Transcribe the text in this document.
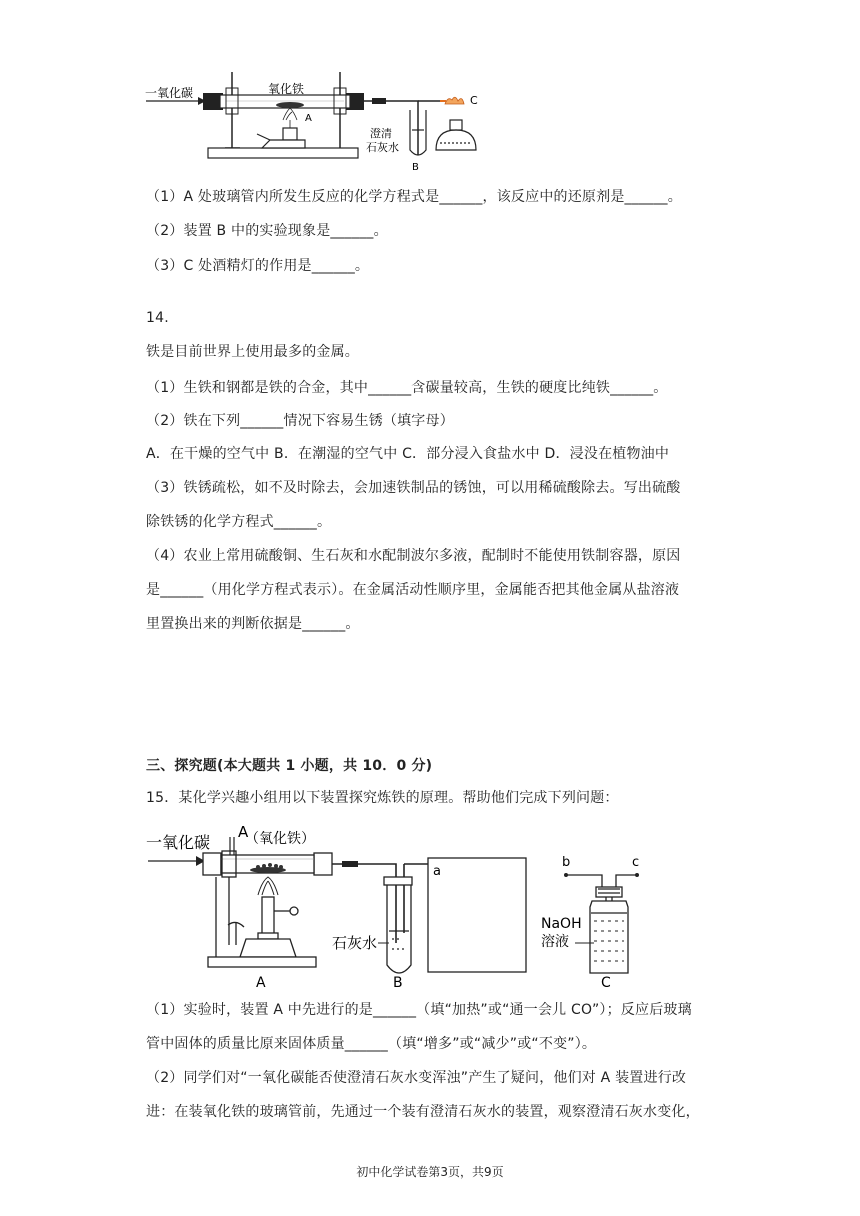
一氧化碳	氧化铁
A
澄清
石灰水
B
C
（1）A 处玻璃管内所发生反应的化学方程式是______，该反应中的还原剂是______。
（2）装置 B 中的实验现象是______。
（3）C 处酒精灯的作用是______。
14.
铁是目前世界上使用最多的金属。
（1）生铁和钢都是铁的合金，其中______含碳量较高，生铁的硬度比纯铁______。
（2）铁在下列______情况下容易生锈（填字母）
A．在干燥的空气中 B．在潮湿的空气中 C．部分浸入食盐水中 D．浸没在植物油中
（3）铁锈疏松，如不及时除去，会加速铁制品的锈蚀，可以用稀硫酸除去。写出硫酸
除铁锈的化学方程式______。
（4）农业上常用硫酸铜、生石灰和水配制波尔多液，配制时不能使用铁制容器，原因
是______（用化学方程式表示）。在金属活动性顺序里，金属能否把其他金属从盐溶液
里置换出来的判断依据是______。
三、探究题(本大题共 1 小题，共 10．0 分)
15．某化学兴趣小组用以下装置探究炼铁的原理。帮助他们完成下列问题：
一氧化碳
A
（氧化铁）
A
石灰水
B
a
b	c
NaOH
溶液
C
（1）实验时，装置 A 中先进行的是______（填“加热”或“通一会儿 CO”）；反应后玻璃
管中固体的质量比原来固体质量______（填“增多”或“减少”或“不变”）。
（2）同学们对“一氧化碳能否使澄清石灰水变浑浊”产生了疑问，他们对 A 装置进行改
进：在装氧化铁的玻璃管前，先通过一个装有澄清石灰水的装置，观察澄清石灰水变化，
初中化学试卷第3页，共9页
